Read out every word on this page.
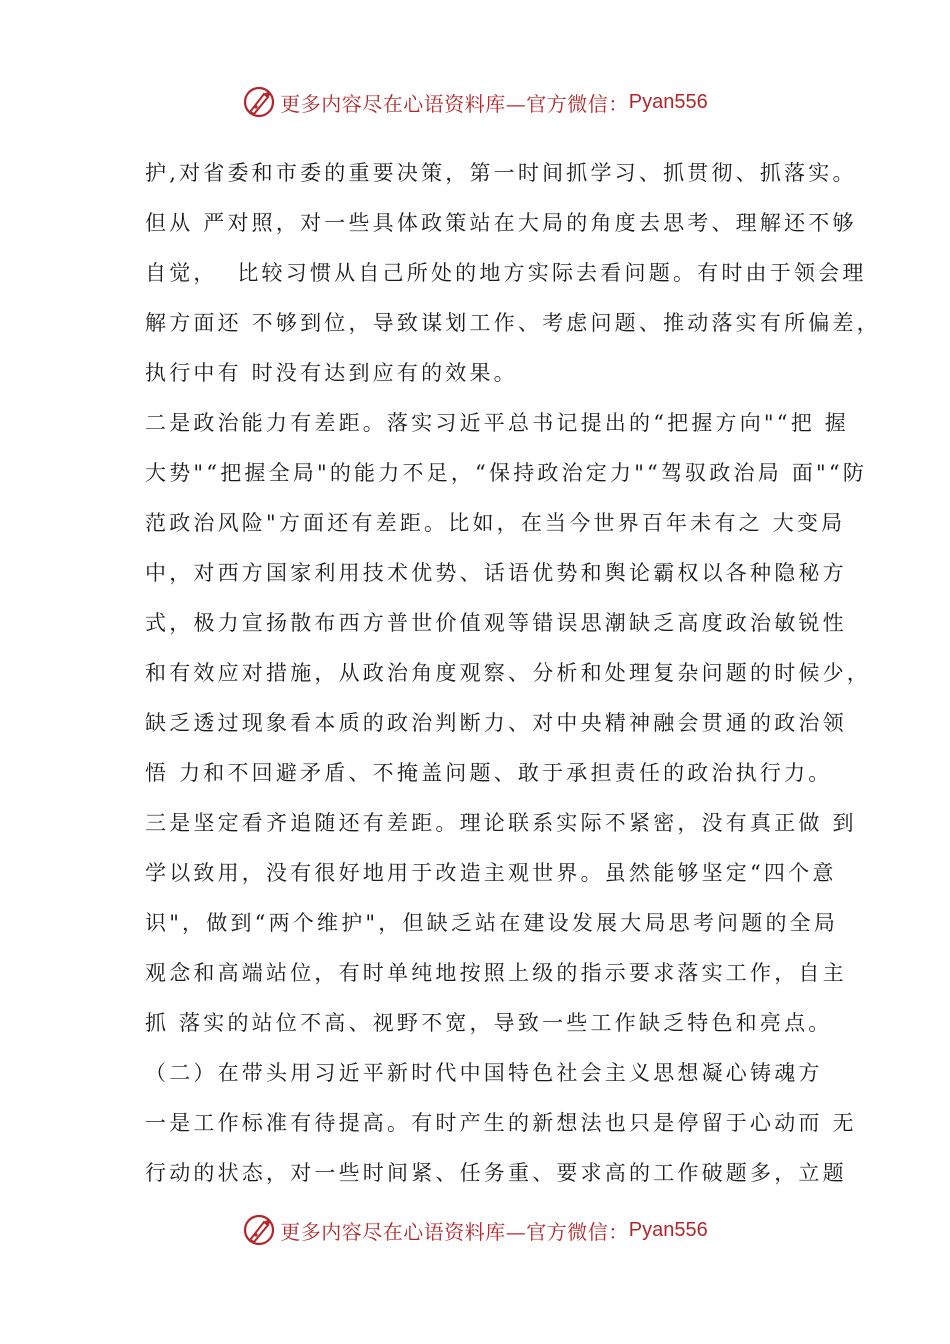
更多内容尽在心语资料库—官方微信： Pyan556
护,对省委和市委的重要决策，第一时间抓学习、抓贯彻、抓落实。
但从 严对照，对一些具体政策站在大局的角度去思考、理解还不够
自觉，  比较习惯从自己所处的地方实际去看问题。有时由于领会理
解方面还 不够到位，导致谋划工作、考虑问题、推动落实有所偏差，
执行中有 时没有达到应有的效果。
二是政治能力有差距。落实习近平总书记提出的“把握方向"“把 握
大势"“把握全局"的能力不足，“保持政治定力"“驾驭政治局 面"“防
范政治风险"方面还有差距。比如，在当今世界百年未有之 大变局
中，对西方国家利用技术优势、话语优势和舆论霸权以各种隐秘方
式，极力宣扬散布西方普世价值观等错误思潮缺乏高度政治敏锐性
和有效应对措施，从政治角度观察、分析和处理复杂问题的时候少，
缺乏透过现象看本质的政治判断力、对中央精神融会贯通的政治领
悟 力和不回避矛盾、不掩盖问题、敢于承担责任的政治执行力。
三是坚定看齐追随还有差距。理论联系实际不紧密，没有真正做 到
学以致用，没有很好地用于改造主观世界。虽然能够坚定“四个意
识"，做到“两个维护"，但缺乏站在建设发展大局思考问题的全局
观念和高端站位，有时单纯地按照上级的指示要求落实工作，自主
抓 落实的站位不高、视野不宽，导致一些工作缺乏特色和亮点。
（二）在带头用习近平新时代中国特色社会主义思想凝心铸魂方
一是工作标准有待提高。有时产生的新想法也只是停留于心动而 无
行动的状态，对一些时间紧、任务重、要求高的工作破题多，立题
更多内容尽在心语资料库—官方微信： Pyan556
